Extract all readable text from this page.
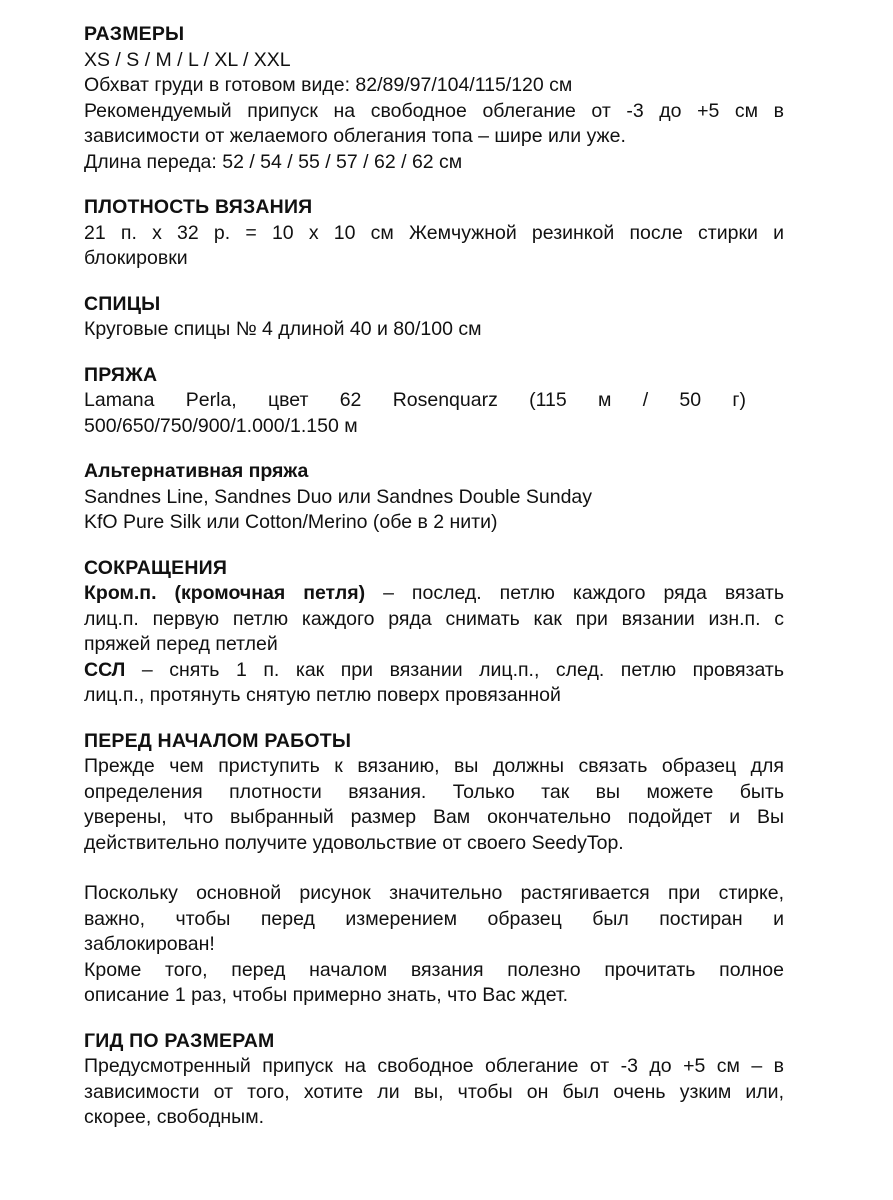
РАЗМЕРЫ

XS / S / M / L / XL / XXL

Обхват груди в готовом виде: 82/89/97/104/115/120 см

Рекомендуемый припуск на свободное облегание от -3 до +5 см в

зависимости от желаемого облегания топа – шире или уже.

Длина переда: 52 / 54 / 55 / 57 / 62 / 62 см

ПЛОТНОСТЬ ВЯЗАНИЯ

21 п. х 32 р. = 10 х 10 см Жемчужной резинкой после стирки и

блокировки

СПИЦЫ

Круговые спицы № 4 длиной 40 и 80/100 см

ПРЯЖА

Lamana Perla, цвет 62 Rosenquarz (115 м / 50 г)

500/650/750/900/1.000/1.150 м

Альтернативная пряжа

Sandnes Line, Sandnes Duo или Sandnes Double Sunday

KfO Pure Silk или Cotton/Merino (обе в 2 нити)

СОКРАЩЕНИЯ

Кром.п. (кромочная петля) – послед. петлю каждого ряда вязать

лиц.п. первую петлю каждого ряда снимать как при вязании изн.п. с

пряжей перед петлей

ССЛ – снять 1 п. как при вязании лиц.п., след. петлю провязать

лиц.п., протянуть снятую петлю поверх провязанной

ПЕРЕД НАЧАЛОМ РАБОТЫ

Прежде чем приступить к вязанию, вы должны связать образец для

определения плотности вязания. Только так вы можете быть

уверены, что выбранный размер Вам окончательно подойдет и Вы

действительно получите удовольствие от своего SeedyTop.

Поскольку основной рисунок значительно растягивается при стирке,

важно, чтобы перед измерением образец был постиран и

заблокирован!

Кроме того, перед началом вязания полезно прочитать полное

описание 1 раз, чтобы примерно знать, что Вас ждет.

ГИД ПО РАЗМЕРАМ

Предусмотренный припуск на свободное облегание от -3 до +5 см – в

зависимости от того, хотите ли вы, чтобы он был очень узким или,

скорее, свободным.
